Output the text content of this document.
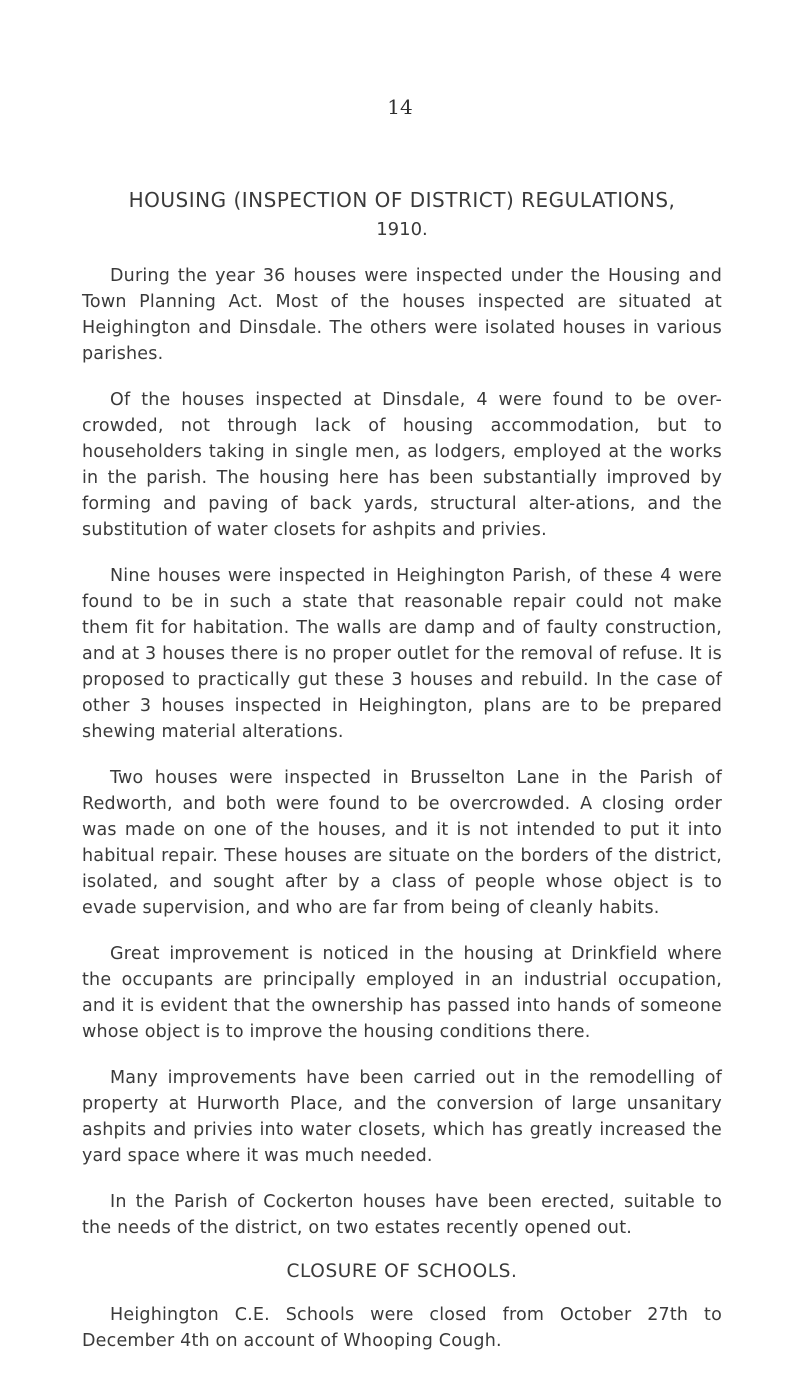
14
HOUSING (INSPECTION OF DISTRICT) REGULATIONS,
1910.

During the year 36 houses were inspected under the Housing and Town Planning Act. Most of the houses inspected are situated at Heighington and Dinsdale. The others were isolated houses in various parishes.

Of the houses inspected at Dinsdale, 4 were found to be over-crowded, not through lack of housing accommodation, but to householders taking in single men, as lodgers, employed at the works in the parish. The housing here has been substantially improved by forming and paving of back yards, structural alter-ations, and the substitution of water closets for ashpits and privies.

Nine houses were inspected in Heighington Parish, of these 4 were found to be in such a state that reasonable repair could not make them fit for habitation. The walls are damp and of faulty construction, and at 3 houses there is no proper outlet for the removal of refuse. It is proposed to practically gut these 3 houses and rebuild. In the case of other 3 houses inspected in Heighington, plans are to be prepared shewing material alterations.

Two houses were inspected in Brusselton Lane in the Parish of Redworth, and both were found to be overcrowded. A closing order was made on one of the houses, and it is not intended to put it into habitual repair. These houses are situate on the borders of the district, isolated, and sought after by a class of people whose object is to evade supervision, and who are far from being of cleanly habits.

Great improvement is noticed in the housing at Drinkfield where the occupants are principally employed in an industrial occupation, and it is evident that the ownership has passed into hands of someone whose object is to improve the housing conditions there.

Many improvements have been carried out in the remodelling of property at Hurworth Place, and the conversion of large unsanitary ashpits and privies into water closets, which has greatly increased the yard space where it was much needed.

In the Parish of Cockerton houses have been erected, suitable to the needs of the district, on two estates recently opened out.

CLOSURE OF SCHOOLS.

Heighington C.E. Schools were closed from October 27th to December 4th on account of Whooping Cough.
